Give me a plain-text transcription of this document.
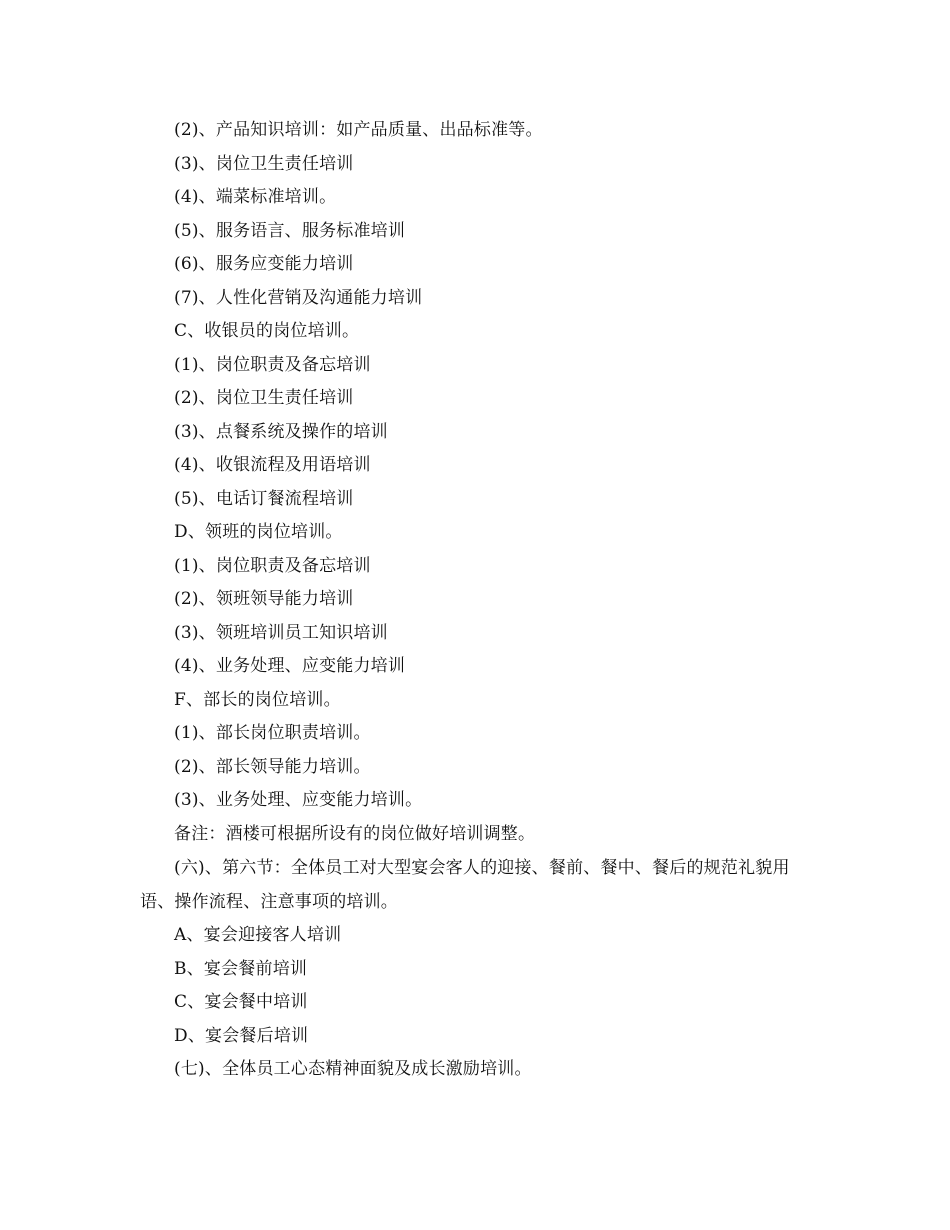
(2)、产品知识培训：如产品质量、出品标准等。
(3)、岗位卫生责任培训
(4)、端菜标准培训。
(5)、服务语言、服务标准培训
(6)、服务应变能力培训
(7)、人性化营销及沟通能力培训
C、收银员的岗位培训。
(1)、岗位职责及备忘培训
(2)、岗位卫生责任培训
(3)、点餐系统及操作的培训
(4)、收银流程及用语培训
(5)、电话订餐流程培训
D、领班的岗位培训。
(1)、岗位职责及备忘培训
(2)、领班领导能力培训
(3)、领班培训员工知识培训
(4)、业务处理、应变能力培训
F、部长的岗位培训。
(1)、部长岗位职责培训。
(2)、部长领导能力培训。
(3)、业务处理、应变能力培训。
备注：酒楼可根据所设有的岗位做好培训调整。

(六)、第六节：全体员工对大型宴会客人的迎接、餐前、餐中、餐后的规范礼貌用语、操作流程、注意事项的培训。

A、宴会迎接客人培训
B、宴会餐前培训
C、宴会餐中培训
D、宴会餐后培训
(七)、全体员工心态精神面貌及成长激励培训。
